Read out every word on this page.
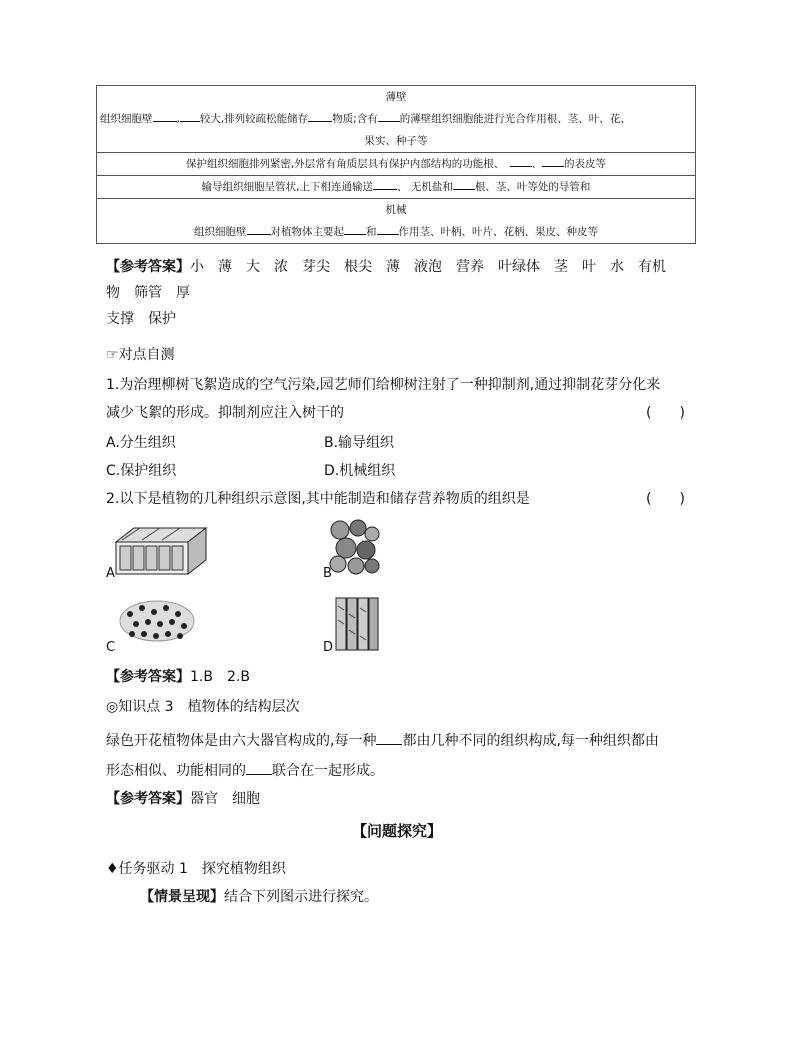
薄壁
组织细胞壁 , 较大,排列较疏松能储存 物质;含有 的薄壁组织细胞能进行光合作用根、茎、叶、花、
果实、种子等
保护组织细胞排列紧密,外层常有角质层具有保护内部结构的功能根、　	、 的表皮等
输导组织细胞呈管状,上下相连通输送 、 无机盐和 根、茎、叶等处的导管和
机械
组织细胞壁 对植物体主要起 和 作用茎、叶柄、叶片、花柄、果皮、种皮等
【参考答案】小　薄　大　浓　芽尖　根尖　薄　液泡　营养　叶绿体　茎　叶　水　有机
物　筛管　厚
支撑　保护
☞对点自测
1.为治理柳树飞絮造成的空气污染,园艺师们给柳树注射了一种抑制剂,通过抑制花芽分化来
减少飞絮的形成。抑制剂应注入树干的	(　　)
A.分生组织	B.输导组织
C.保护组织	D.机械组织
2.以下是植物的几种组织示意图,其中能制造和储存营养物质的组织是	(　　)
A	B
C	D
【参考答案】1.B　2.B
◎知识点 3　植物体的结构层次
绿色开花植物体是由六大器官构成的,每一种 都由几种不同的组织构成,每一种组织都由
形态相似、功能相同的 联合在一起形成。
【参考答案】器官　细胞
【问题探究】
♦任务驱动 1　探究植物组织
【情景呈现】结合下列图示进行探究。
